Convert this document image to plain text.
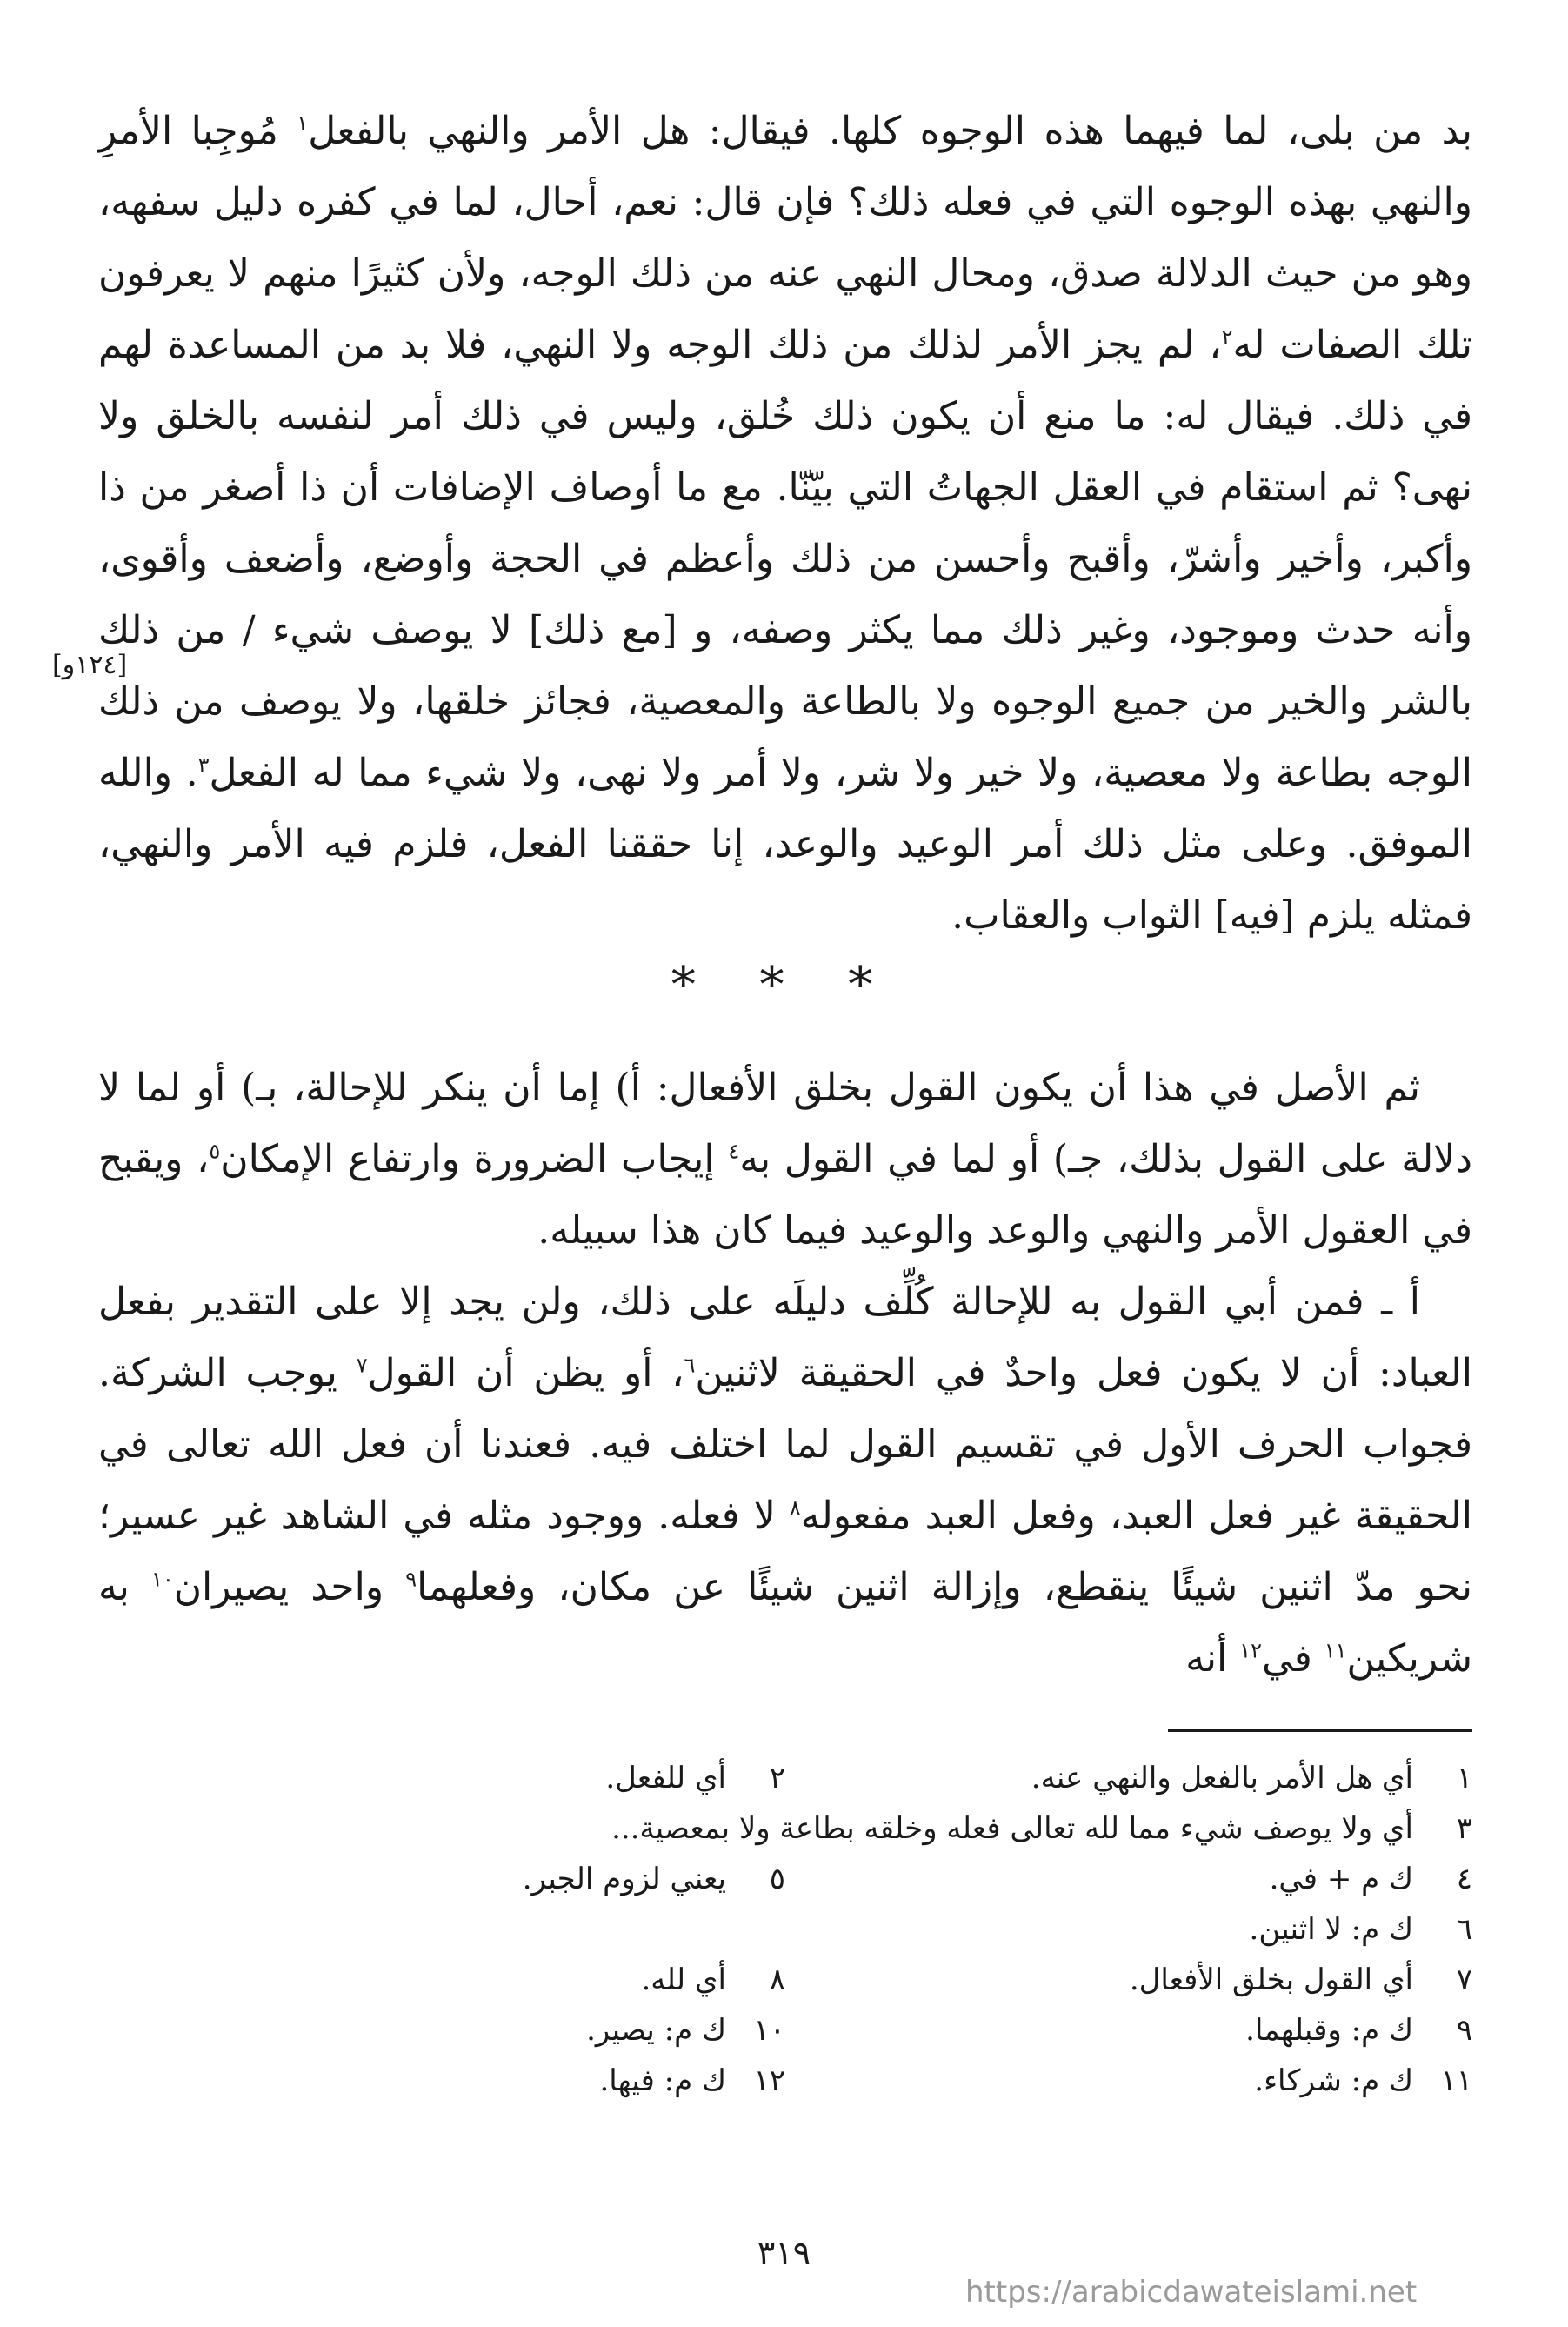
بد من بلى، لما فيهما هذه الوجوه كلها. فيقال: هل الأمر والنهي بالفعل$^١$ مُوجِبا الأمرِ والنهي بهذه الوجوه التي في فعله ذلك؟ فإن قال: نعم، أحال، لما في كفره دليل سفهه، وهو من حيث الدلالة صدق، ومحال النهي عنه من ذلك الوجه، ولأن كثيرًا منهم لا يعرفون تلك الصفات له$^٢$، لم يجز الأمر لذلك من ذلك الوجه ولا النهي، فلا بد من المساعدة لهم في ذلك. فيقال له: ما منع أن يكون ذلك خُلق، وليس في ذلك أمر لنفسه بالخلق ولا نهى؟ ثم استقام في العقل الجهاتُ التي بيّنّا. مع ما أوصاف الإضافات أن ذا أصغر من ذا وأكبر، وأخير وأشرّ، وأقبح وأحسن من ذلك وأعظم في الحجة وأوضع، وأضعف وأقوى، وأنه حدث وموجود، وغير ذلك مما يكثر وصفه، و [مع ذلك] لا يوصف شيء / من ذلك بالشر والخير من جميع الوجوه ولا بالطاعة والمعصية، فجائز خلقها، ولا يوصف من ذلك الوجه بطاعة ولا معصية، ولا خير ولا شر، ولا أمر ولا نهى، ولا شيء مما له الفعل$^٣$. والله الموفق. وعلى مثل ذلك أمر الوعيد والوعد، إنا حققنا الفعل، فلزم فيه الأمر والنهي، فمثله يلزم [فيه] الثواب والعقاب.

[١٢٤و]
* * *

ثم الأصل في هذا أن يكون القول بخلق الأفعال: أ) إما أن ينكر للإحالة، بـ) أو لما لا دلالة على القول بذلك، جـ) أو لما في القول به$^٤$ إيجاب الضرورة وارتفاع الإمكان$^٥$، ويقبح في العقول الأمر والنهي والوعد والوعيد فيما كان هذا سبيله.

أ ـ فمن أبي القول به للإحالة كُلِّف دليلَه على ذلك، ولن يجد إلا على التقدير بفعل العباد: أن لا يكون فعل واحدٌ في الحقيقة لاثنين$^٦$، أو يظن أن القول$^٧$ يوجب الشركة. فجواب الحرف الأول في تقسيم القول لما اختلف فيه. فعندنا أن فعل الله تعالى في الحقيقة غير فعل العبد، وفعل العبد مفعوله$^٨$ لا فعله. ووجود مثله في الشاهد غير عسير؛ نحو مدّ اثنين شيئًا ينقطع، وإزالة اثنين شيئًا عن مكان، وفعلهما$^٩$ واحد يصيران$^{١٠}$ به شريكين$^{١١}$ في$^{١٢}$ أنه

١
أي هل الأمر بالفعل والنهي عنه.
٢
أي للفعل.
٣
أي ولا يوصف شيء مما لله تعالى فعله وخلقه بطاعة ولا بمعصية...
٤
ك م + في.
٥
يعني لزوم الجبر.
٦
ك م: لا اثنين.
٧
أي القول بخلق الأفعال.
٨
أي لله.
٩
ك م: وقبلهما.
١٠
ك م: يصير.
١١
ك م: شركاء.
١٢
ك م: فيها.
٣١٩
https://arabicdawateislami.net
